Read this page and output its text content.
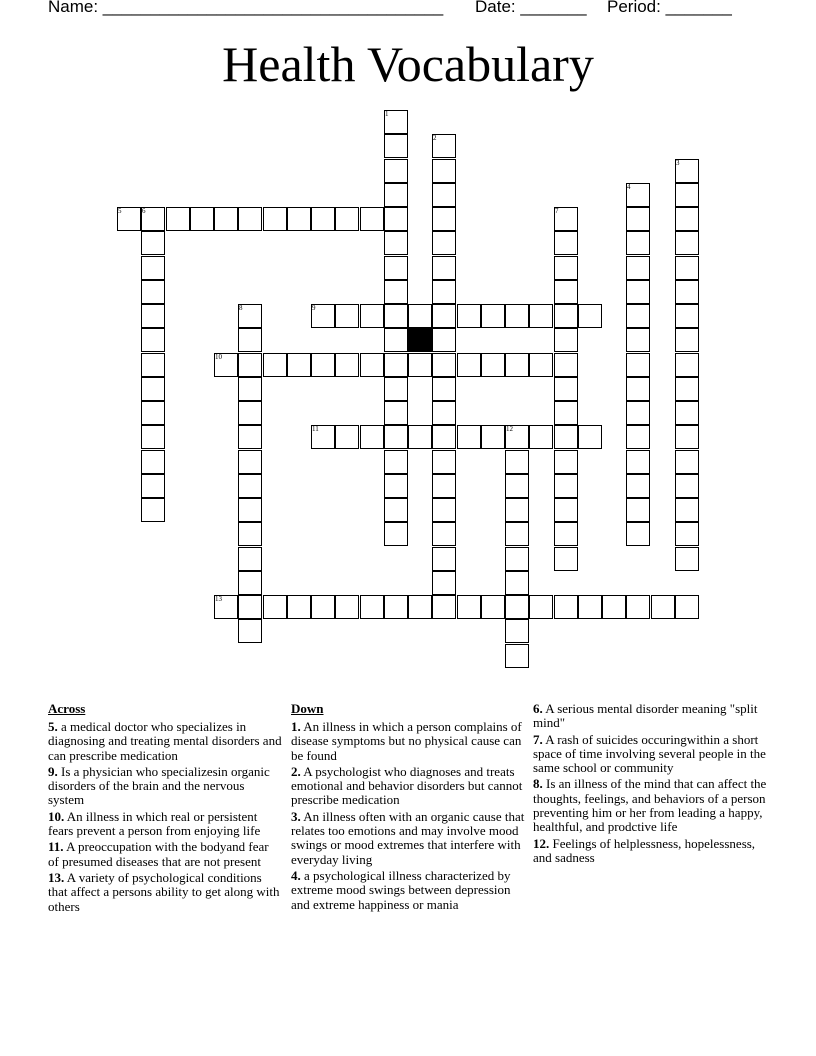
Name: ____________________________________ Date: _______ Period: _______
Health Vocabulary
5	6
9
10
11	12
13
1
2
3
4
7
8
Across
5. a medical doctor who specializes in diagnosing and treating mental disorders and can prescribe medication
9. Is a physician who specializesin organic disorders of the brain and the nervous system
10. An illness in which real or persistent fears prevent a person from enjoying life
11. A preoccupation with the bodyand fear of presumed diseases that are not present
13. A variety of psychological conditions that affect a persons ability to get along with others
Down
1. An illness in which a person complains of disease symptoms but no physical cause can be found
2. A psychologist who diagnoses and treats emotional and behavior disorders but cannot prescribe medication
3. An illness often with an organic cause that relates too emotions and may involve mood swings or mood extremes that interfere with everyday living
4. a psychological illness characterized by extreme mood swings between depression and extreme happiness or mania
6. A serious mental disorder meaning "split mind"
7. A rash of suicides occuringwithin a short space of time involving several people in the same school or community
8. Is an illness of the mind that can affect the thoughts, feelings, and behaviors of a person preventing him or her from leading a happy, healthful, and prodctive life
12. Feelings of helplessness, hopelessness, and sadness
